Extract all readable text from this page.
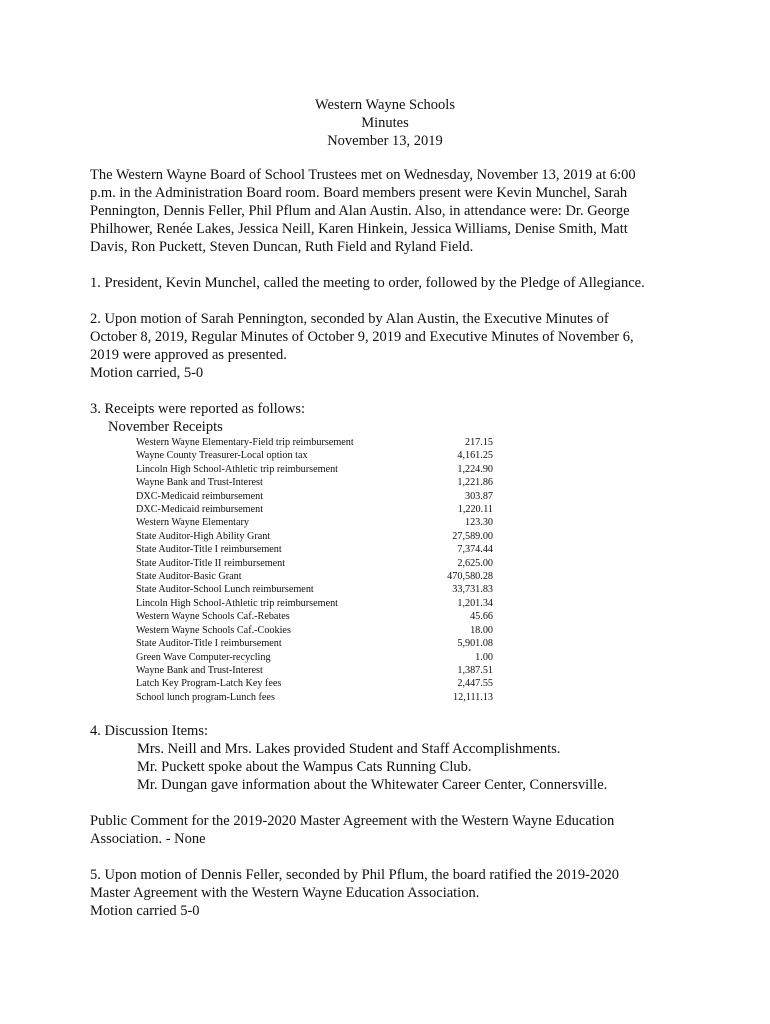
Western Wayne Schools
Minutes
November 13, 2019

The Western Wayne Board of School Trustees met on Wednesday, November 13, 2019 at 6:00
p.m. in the Administration Board room. Board members present were Kevin Munchel, Sarah
Pennington, Dennis Feller, Phil Pflum and Alan Austin. Also, in attendance were: Dr. George
Philhower, Renée Lakes, Jessica Neill, Karen Hinkein, Jessica Williams, Denise Smith, Matt
Davis, Ron Puckett, Steven Duncan, Ruth Field and Ryland Field.

1. President, Kevin Munchel, called the meeting to order, followed by the Pledge of Allegiance.

2. Upon motion of Sarah Pennington, seconded by Alan Austin, the Executive Minutes of
October 8, 2019, Regular Minutes of October 9, 2019 and Executive Minutes of November 6,
2019 were approved as presented.

Motion carried, 5-0

3. Receipts were reported as follows:

November Receipts

Western Wayne Elementary-Field trip reimbursement	217.15
Wayne County Treasurer-Local option tax	4,161.25
Lincoln High School-Athletic trip reimbursement	1,224.90
Wayne Bank and Trust-Interest	1,221.86
DXC-Medicaid reimbursement	303.87
DXC-Medicaid reimbursement	1,220.11
Western Wayne Elementary	123.30
State Auditor-High Ability Grant	27,589.00
State Auditor-Title I reimbursement	7,374.44
State Auditor-Title II reimbursement	2,625.00
State Auditor-Basic Grant	470,580.28
State Auditor-School Lunch reimbursement	33,731.83
Lincoln High School-Athletic trip reimbursement	1,201.34
Western Wayne Schools Caf.-Rebates	45.66
Western Wayne Schools Caf.-Cookies	18.00
State Auditor-Title I reimbursement	5,901.08
Green Wave Computer-recycling	1.00
Wayne Bank and Trust-Interest	1,387.51
Latch Key Program-Latch Key fees	2,447.55
School lunch program-Lunch fees	12,111.13

4. Discussion Items:

Mrs. Neill and Mrs. Lakes provided Student and Staff Accomplishments.
Mr. Puckett spoke about the Wampus Cats Running Club.
Mr. Dungan gave information about the Whitewater Career Center, Connersville.

Public Comment for the 2019-2020 Master Agreement with the Western Wayne Education
Association. - None

5. Upon motion of Dennis Feller, seconded by Phil Pflum, the board ratified the 2019-2020
Master Agreement with the Western Wayne Education Association.

Motion carried 5-0
